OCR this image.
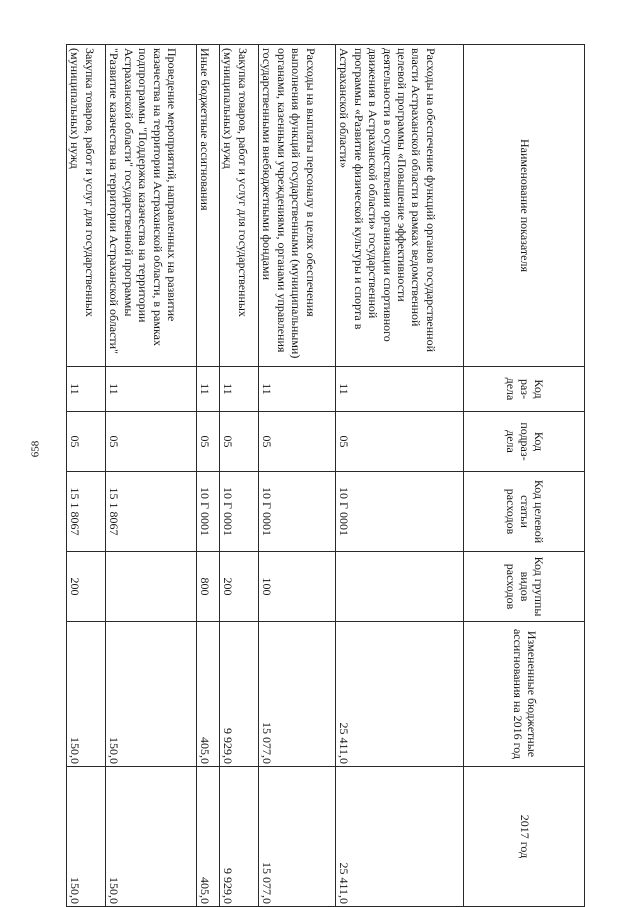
658
Наименование показателя	Код раз-дела	Код подраз-дела	Код целевой статьи расходов	Код группы видов расходов	Измененные бюджетные ассигнования на 2016 год	2017 год
Расходы на обеспечение функций органов государственной власти Астраханской области в рамках ведомственной целевой программы «Повышение эффективности деятельности в осуществлении организации спортивного движения в Астраханской области» государственной программы «Развитие физической культуры и спорта в Астраханской области»	11	05	10 Г 0001		25 411,0	25 411,0
Расходы на выплаты персоналу в целях обеспечения выполнения функций государственными (муниципальными) органами, казенными учреждениями, органами управления государственными внебюджетными фондами	11	05	10 Г 0001	100	15 077,0	15 077,0
Закупка товаров, работ и услуг для государственных (муниципальных) нужд	11	05	10 Г 0001	200	9 929,0	9 929,0
Иные бюджетные ассигнования	11	05	10 Г 0001	800	405,0	405,0
Проведение мероприятий, направленных на развитие казачества на территории Астраханской области, в рамках подпрограммы "Поддержка казачества на территории Астраханской области" государственной программы "Развитие казачества на территории Астраханской области"	11	05	15 1 8067		150,0	150,0
Закупка товаров, работ и услуг для государственных (муниципальных) нужд	11	05	15 1 8067	200	150,0	150,0
